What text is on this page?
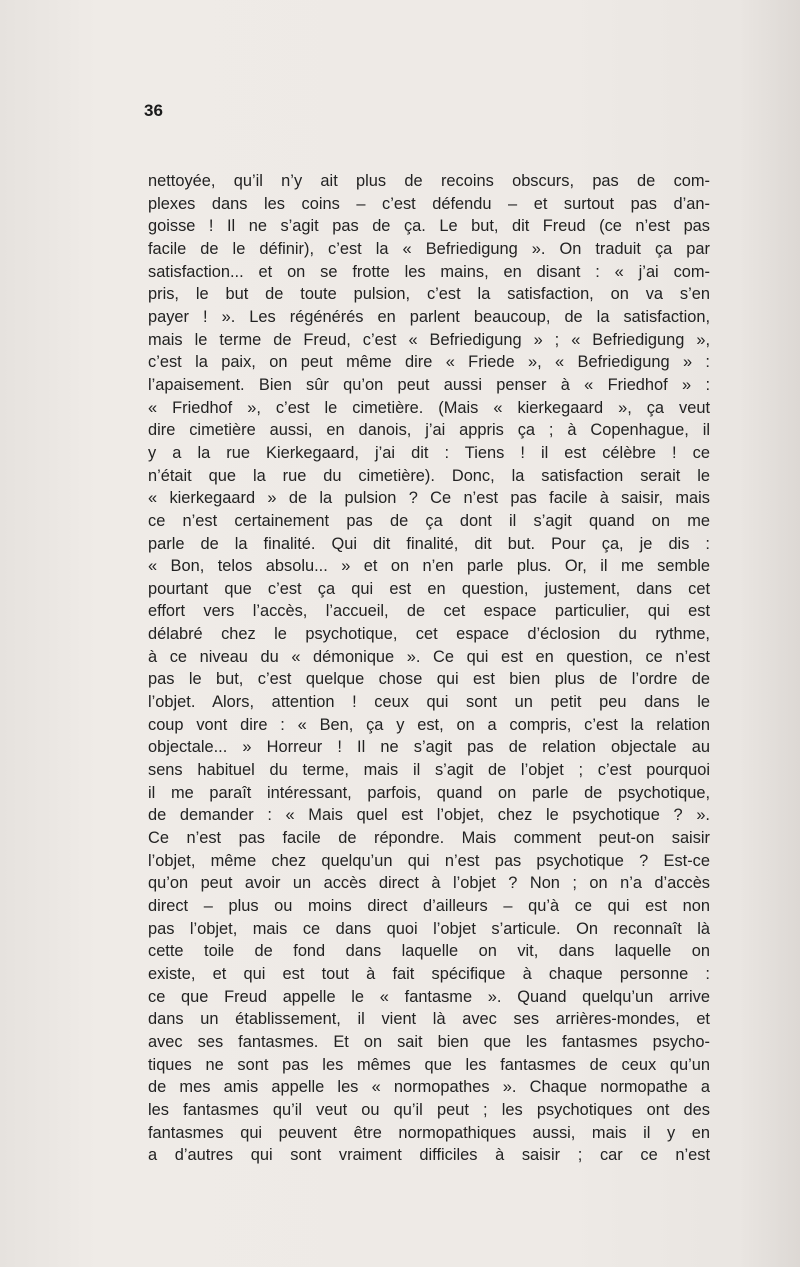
36
nettoyée, qu’il n’y ait plus de recoins obscurs, pas de com-
plexes dans les coins – c’est défendu – et surtout pas d’an-
goisse ! Il ne s’agit pas de ça. Le but, dit Freud (ce n’est pas
facile de le définir), c’est la « Befriedigung ». On traduit ça par
satisfaction... et on se frotte les mains, en disant : « j’ai com-
pris, le but de toute pulsion, c’est la satisfaction, on va s’en
payer ! ». Les régénérés en parlent beaucoup, de la satisfaction,
mais le terme de Freud, c’est « Befriedigung » ; « Befriedigung »,
c’est la paix, on peut même dire « Friede », « Befriedigung » :
l’apaisement. Bien sûr qu’on peut aussi penser à « Friedhof » :
« Friedhof », c’est le cimetière. (Mais « kierkegaard », ça veut
dire cimetière aussi, en danois, j’ai appris ça ; à Copenhague, il
y a la rue Kierkegaard, j’ai dit : Tiens ! il est célèbre ! ce
n’était que la rue du cimetière). Donc, la satisfaction serait le
« kierkegaard » de la pulsion ? Ce n’est pas facile à saisir, mais
ce n’est certainement pas de ça dont il s’agit quand on me
parle de la finalité. Qui dit finalité, dit but. Pour ça, je dis :
« Bon, telos absolu... » et on n’en parle plus. Or, il me semble
pourtant que c’est ça qui est en question, justement, dans cet
effort vers l’accès, l’accueil, de cet espace particulier, qui est
délabré chez le psychotique, cet espace d’éclosion du rythme,
à ce niveau du « démonique ». Ce qui est en question, ce n’est
pas le but, c’est quelque chose qui est bien plus de l’ordre de
l’objet. Alors, attention ! ceux qui sont un petit peu dans le
coup vont dire : « Ben, ça y est, on a compris, c’est la relation
objectale... » Horreur ! Il ne s’agit pas de relation objectale au
sens habituel du terme, mais il s’agit de l’objet ; c’est pourquoi
il me paraît intéressant, parfois, quand on parle de psychotique,
de demander : « Mais quel est l’objet, chez le psychotique ? ».
Ce n’est pas facile de répondre. Mais comment peut-on saisir
l’objet, même chez quelqu’un qui n’est pas psychotique ? Est-ce
qu’on peut avoir un accès direct à l’objet ? Non ; on n’a d’accès
direct – plus ou moins direct d’ailleurs – qu’à ce qui est non
pas l’objet, mais ce dans quoi l’objet s’articule. On reconnaît là
cette toile de fond dans laquelle on vit, dans laquelle on
existe, et qui est tout à fait spécifique à chaque personne :
ce que Freud appelle le « fantasme ». Quand quelqu’un arrive
dans un établissement, il vient là avec ses arrières-mondes, et
avec ses fantasmes. Et on sait bien que les fantasmes psycho-
tiques ne sont pas les mêmes que les fantasmes de ceux qu’un
de mes amis appelle les « normopathes ». Chaque normopathe a
les fantasmes qu’il veut ou qu’il peut ; les psychotiques ont des
fantasmes qui peuvent être normopathiques aussi, mais il y en
a d’autres qui sont vraiment difficiles à saisir ; car ce n’est
